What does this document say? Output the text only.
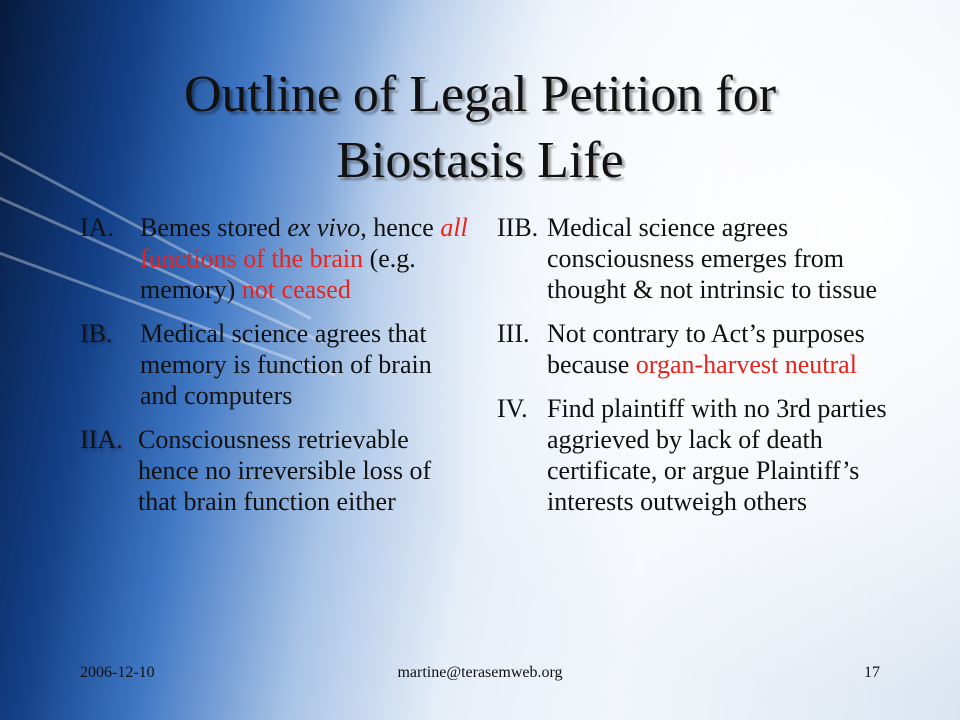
Outline of Legal Petition for
Biostasis Life
IA.	Bemes stored ex vivo, hence all functions of the brain (e.g. memory) not ceased
IB.	Medical science agrees that memory is function of brain and computers
IIA. Consciousness retrievable hence no irreversible loss of that brain function either
IIB. Medical science agrees consciousness emerges from thought & not intrinsic to tissue
III. Not contrary to Act’s purposes because organ-harvest neutral
IV. Find plaintiff with no 3rd parties aggrieved by lack of death certificate, or argue Plaintiff’s interests outweigh others
2006-12-10	martine@terasemweb.org	17
